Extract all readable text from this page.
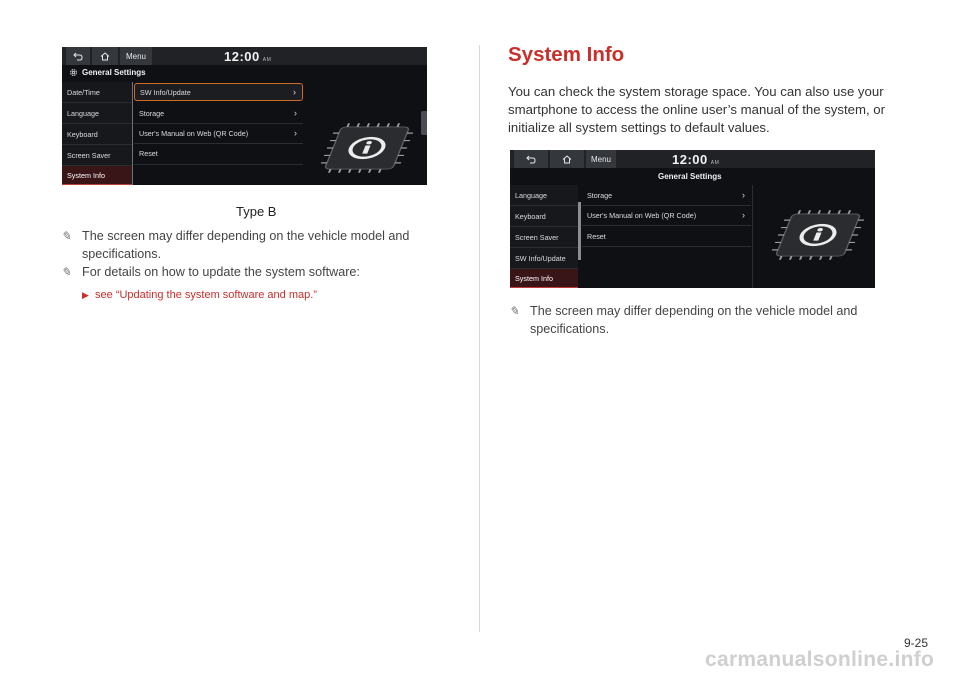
Menu	12:00 AM
General Settings
Date/Time
Language
Keyboard
Screen Saver
System Info
SW Info/Update	›
Storage	›
User's Manual on Web (QR Code)	›
Reset
Type B
✎ The screen may differ depending on the vehicle model and specifications.
✎ For details on how to update the system software:
▶ see “Updating the system software and map.”
System Info
You can check the system storage space. You can also use your smartphone to access the online user’s manual of the system, or initialize all system settings to default values.
Menu	12:00 AM
General Settings
Language
Keyboard
Screen Saver
SW Info/Update
System Info
Storage	›
User's Manual on Web (QR Code)	›
Reset
✎ The screen may differ depending on the vehicle model and specifications.
9-25
carmanualsonline.info
